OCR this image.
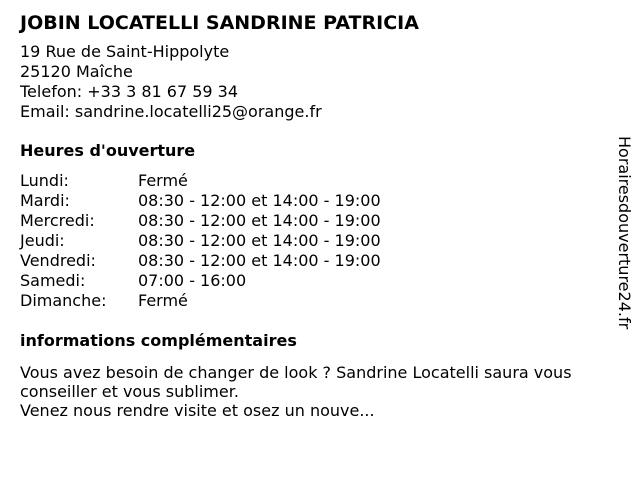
JOBIN LOCATELLI SANDRINE PATRICIA
19 Rue de Saint-Hippolyte
25120 Maîche
Telefon: +33 3 81 67 59 34
Email: sandrine.locatelli25@orange.fr
Heures d'ouverture
Lundi:	Fermé
Mardi:	08:30 - 12:00 et 14:00 - 19:00
Mercredi:	08:30 - 12:00 et 14:00 - 19:00
Jeudi:	08:30 - 12:00 et 14:00 - 19:00
Vendredi:	08:30 - 12:00 et 14:00 - 19:00
Samedi:	07:00 - 16:00
Dimanche:	Fermé
informations complémentaires
Vous avez besoin de changer de look ? Sandrine Locatelli saura vous
conseiller et vous sublimer.
Venez nous rendre visite et osez un nouve...
Horairesdouverture24.fr
